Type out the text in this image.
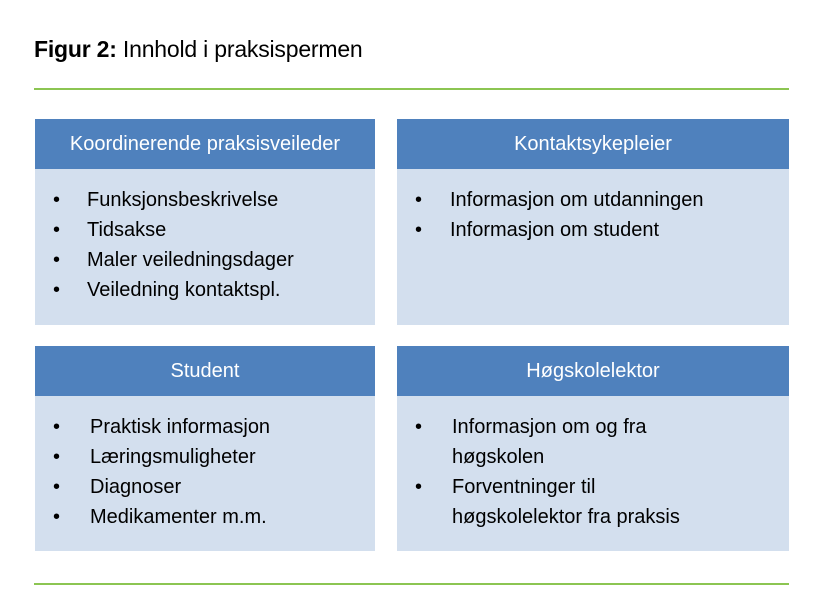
Figur 2: Innhold i praksispermen
Koordinerende praksisveileder
• Funksjonsbeskrivelse
• Tidsakse
• Maler veiledningsdager
• Veiledning kontaktspl.
Kontaktsykepleier
• Informasjon om utdanningen
• Informasjon om student
Student
• Praktisk informasjon
• Læringsmuligheter
• Diagnoser
• Medikamenter m.m.
Høgskolelektor
• Informasjon om og fra høgskolen
• Forventninger til høgskolelektor fra praksis
